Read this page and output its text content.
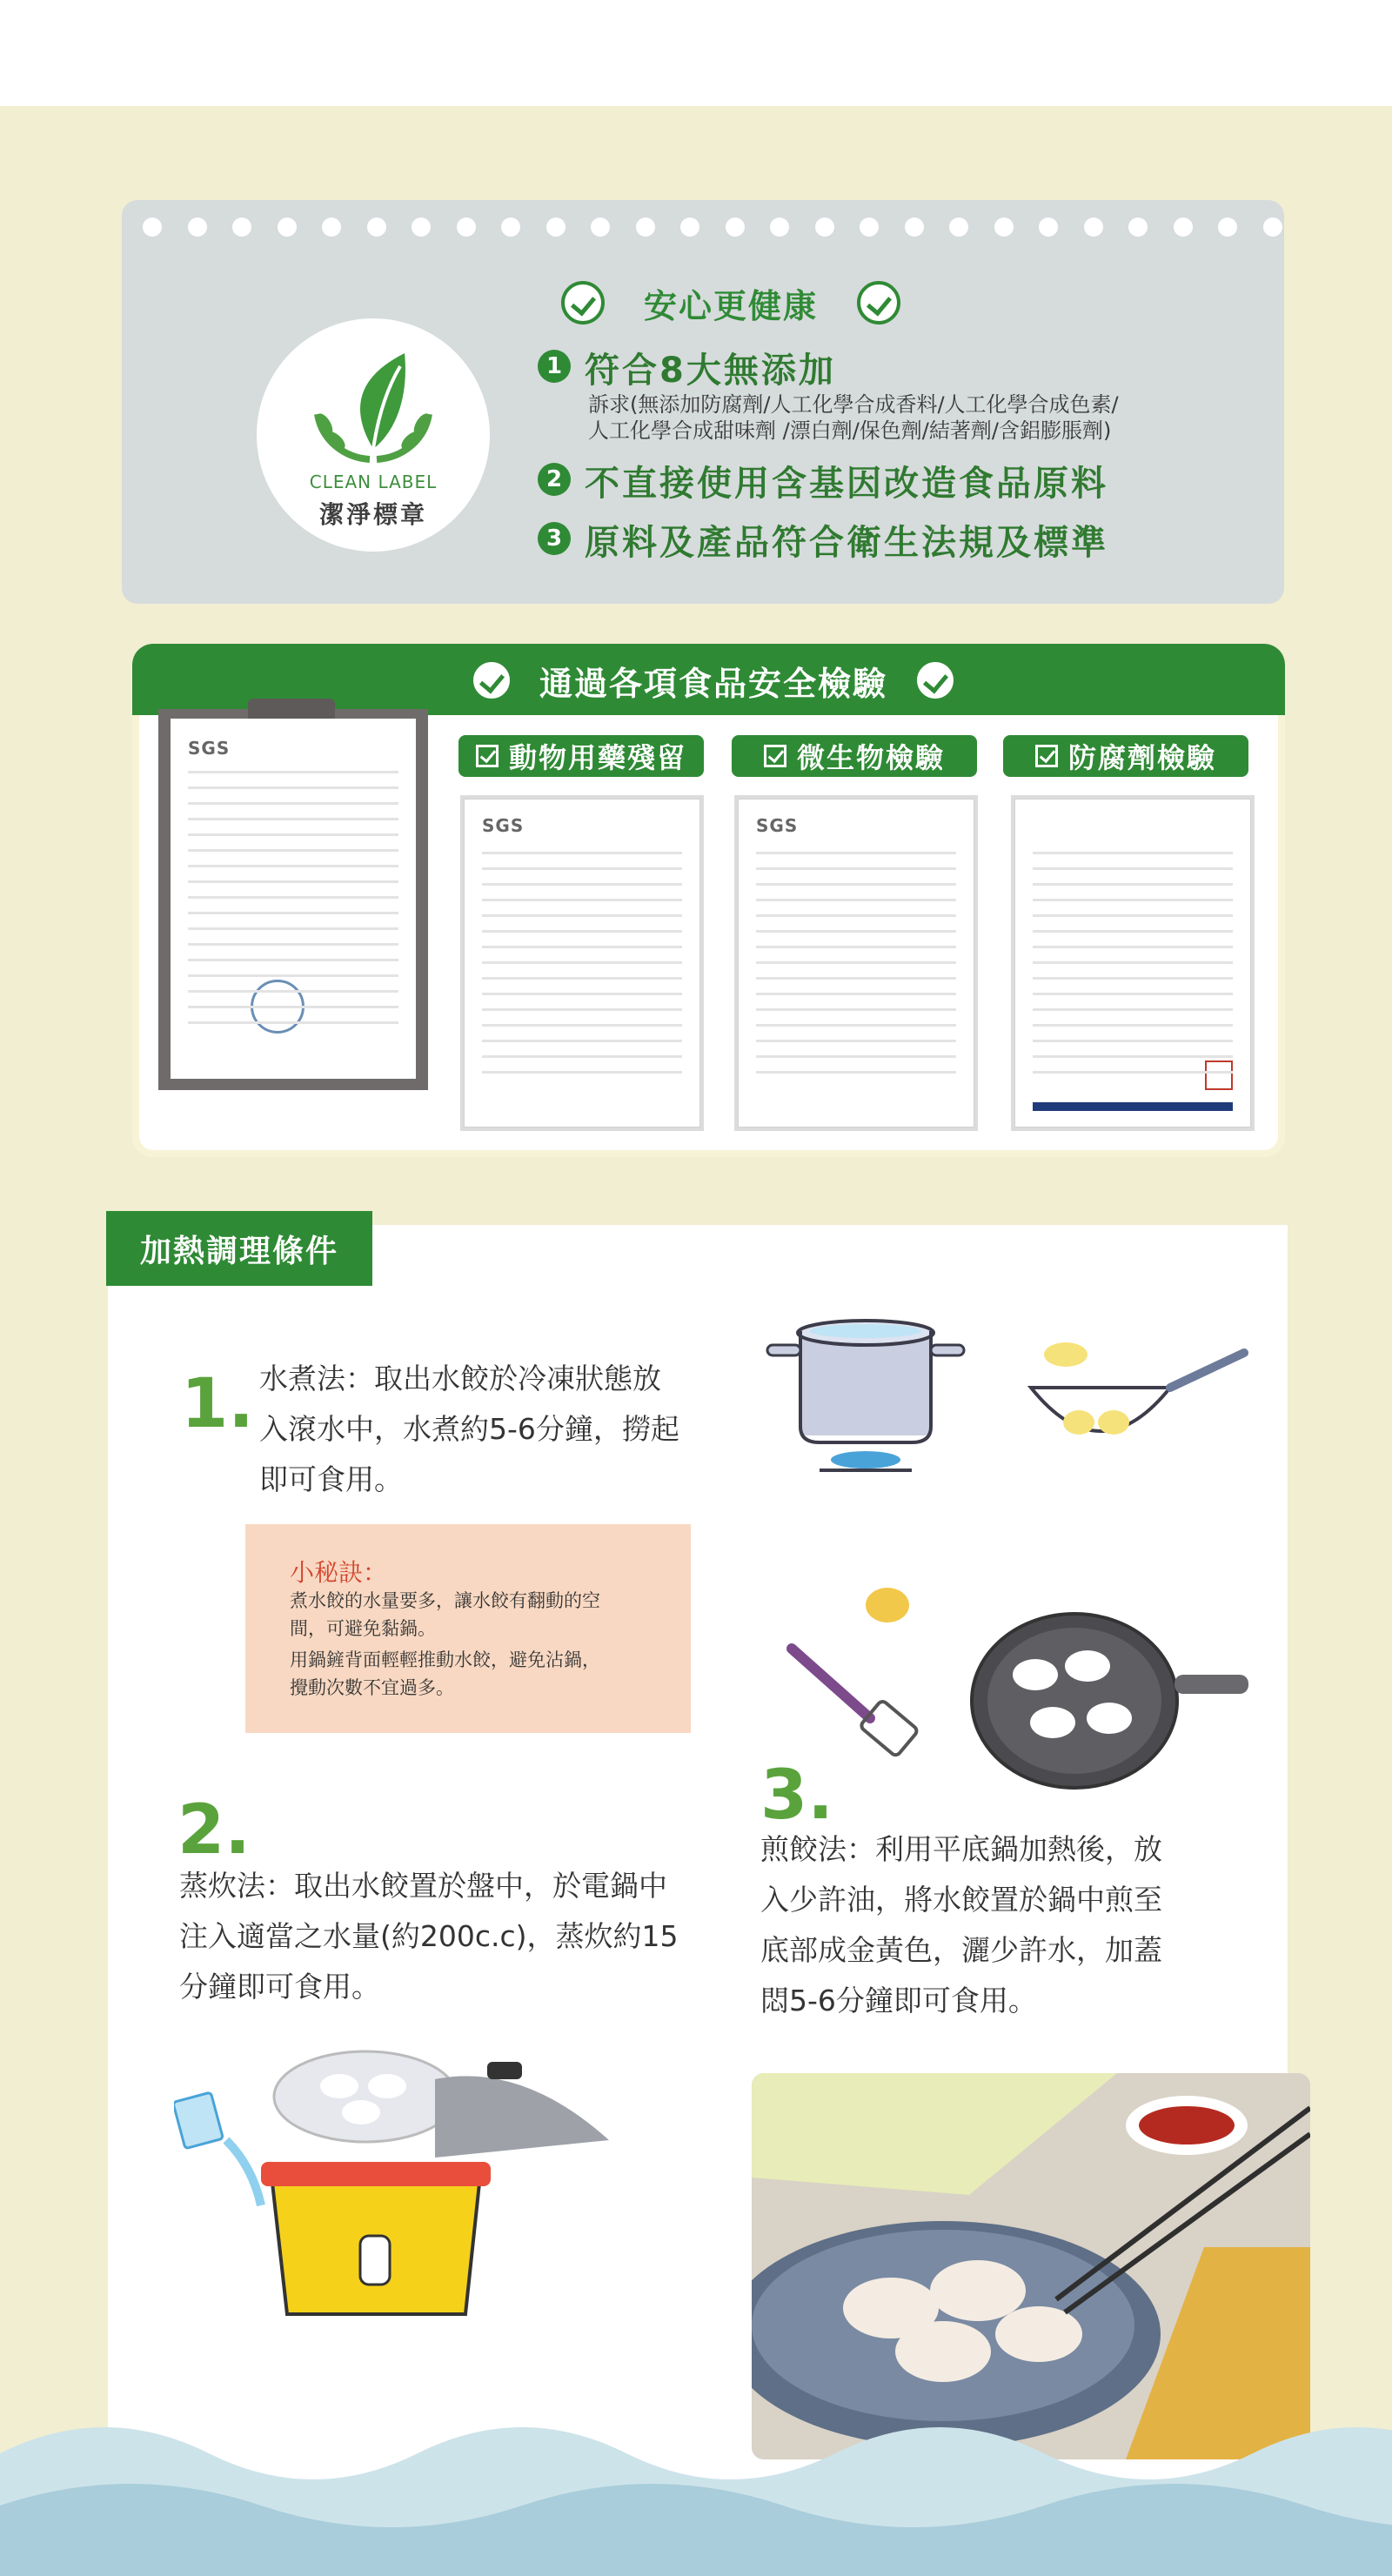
CLEAN LABEL
潔淨標章
安心更健康
1 符合8大無添加
訴求(無添加防腐劑/人工化學合成香料/人工化學合成色素/
人工化學合成甜味劑 /漂白劑/保色劑/結著劑/含鋁膨脹劑)
2 不直接使用含基因改造食品原料
3 原料及產品符合衛生法規及標準
通過各項食品安全檢驗
SGS	動物用藥殘留	微生物檢驗	防腐劑檢驗
SGS	SGS
加熱調理條件
1. 水煮法：取出水餃於冷凍狀態放
入滾水中，水煮約5-6分鐘，撈起
即可食用。
小秘訣：
煮水餃的水量要多，讓水餃有翻動的空
間，可避免黏鍋。
用鍋鏟背面輕輕推動水餃，避免沾鍋，
攪動次數不宜過多。
2.
蒸炊法：取出水餃置於盤中，於電鍋中
注入適當之水量(約200c.c)，蒸炊約15
分鐘即可食用。
3.
煎餃法：利用平底鍋加熱後，放
入少許油，將水餃置於鍋中煎至
底部成金黃色，灑少許水，加蓋
悶5-6分鐘即可食用。
